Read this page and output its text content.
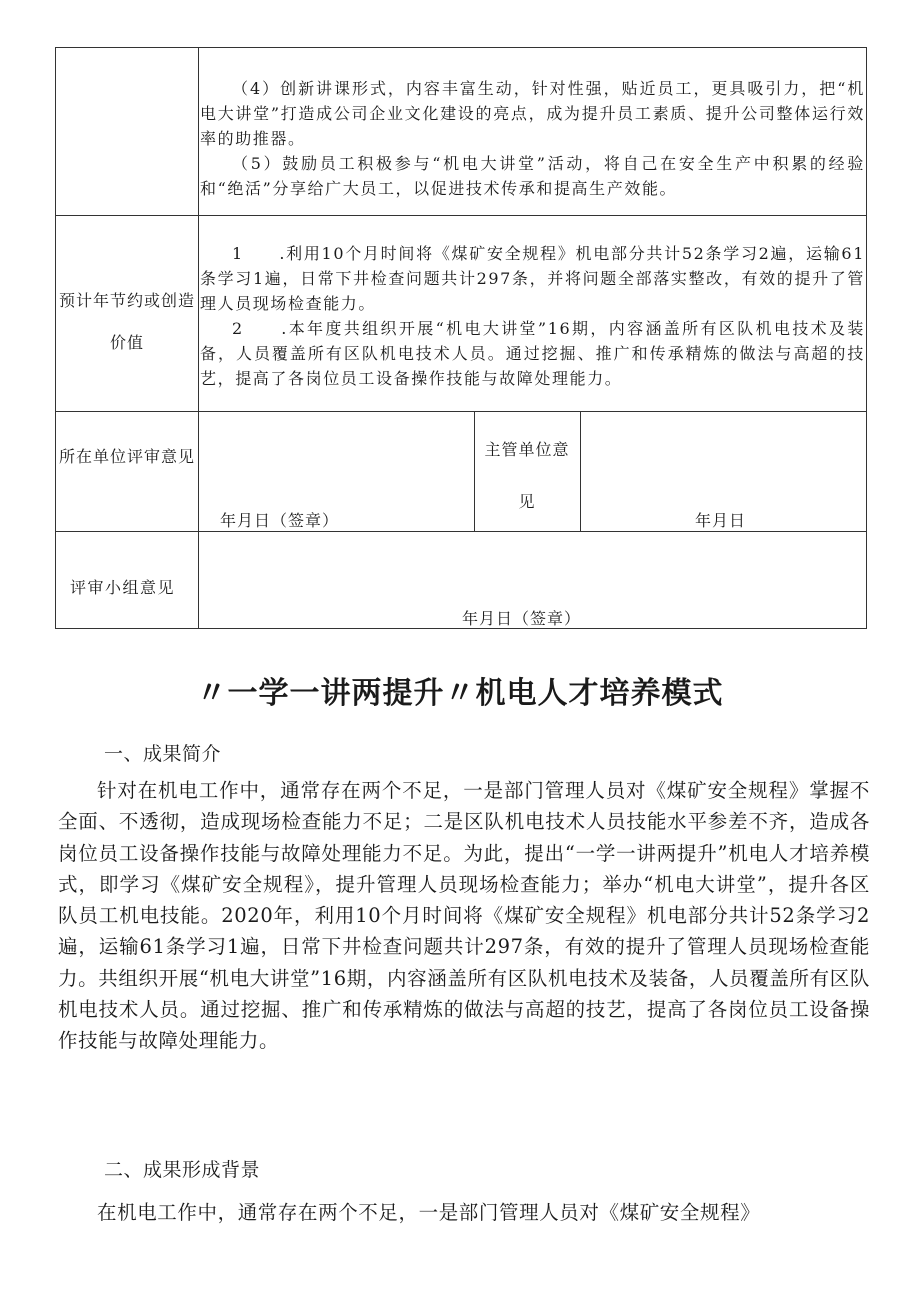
（4）创新讲课形式，内容丰富生动，针对性强，贴近员工，更具吸引力，把“机电大讲堂”打造成公司企业文化建设的亮点，成为提升员工素质、提升公司整体运行效率的助推器。

（5）鼓励员工积极参与“机电大讲堂”活动，将自己在安全生产中积累的经验和“绝活”分享给广大员工，以促进技术传承和提高生产效能。

预计年节约或创造价值

1　　.利用10个月时间将《煤矿安全规程》机电部分共计52条学习2遍，运输61条学习1遍，日常下井检查问题共计297条，并将问题全部落实整改，有效的提升了管理人员现场检查能力。

2　　.本年度共组织开展“机电大讲堂”16期，内容涵盖所有区队机电技术及装备，人员覆盖所有区队机电技术人员。通过挖掘、推广和传承精炼的做法与高超的技艺，提高了各岗位员工设备操作技能与故障处理能力。

所在单位评审意见

年月日（签章）

主管单位意见

年月日

评审小组意见

年月日（签章）

〃一学一讲两提升〃机电人才培养模式

一、成果简介

针对在机电工作中，通常存在两个不足，一是部门管理人员对《煤矿安全规程》掌握不全面、不透彻，造成现场检查能力不足；二是区队机电技术人员技能水平参差不齐，造成各岗位员工设备操作技能与故障处理能力不足。为此，提出“一学一讲两提升”机电人才培养模式，即学习《煤矿安全规程》，提升管理人员现场检查能力；举办“机电大讲堂”，提升各区队员工机电技能。2020年，利用10个月时间将《煤矿安全规程》机电部分共计52条学习2遍，运输61条学习1遍，日常下井检查问题共计297条，有效的提升了管理人员现场检查能力。共组织开展“机电大讲堂”16期，内容涵盖所有区队机电技术及装备，人员覆盖所有区队机电技术人员。通过挖掘、推广和传承精炼的做法与高超的技艺，提高了各岗位员工设备操作技能与故障处理能力。

二、成果形成背景

在机电工作中，通常存在两个不足，一是部门管理人员对《煤矿安全规程》
